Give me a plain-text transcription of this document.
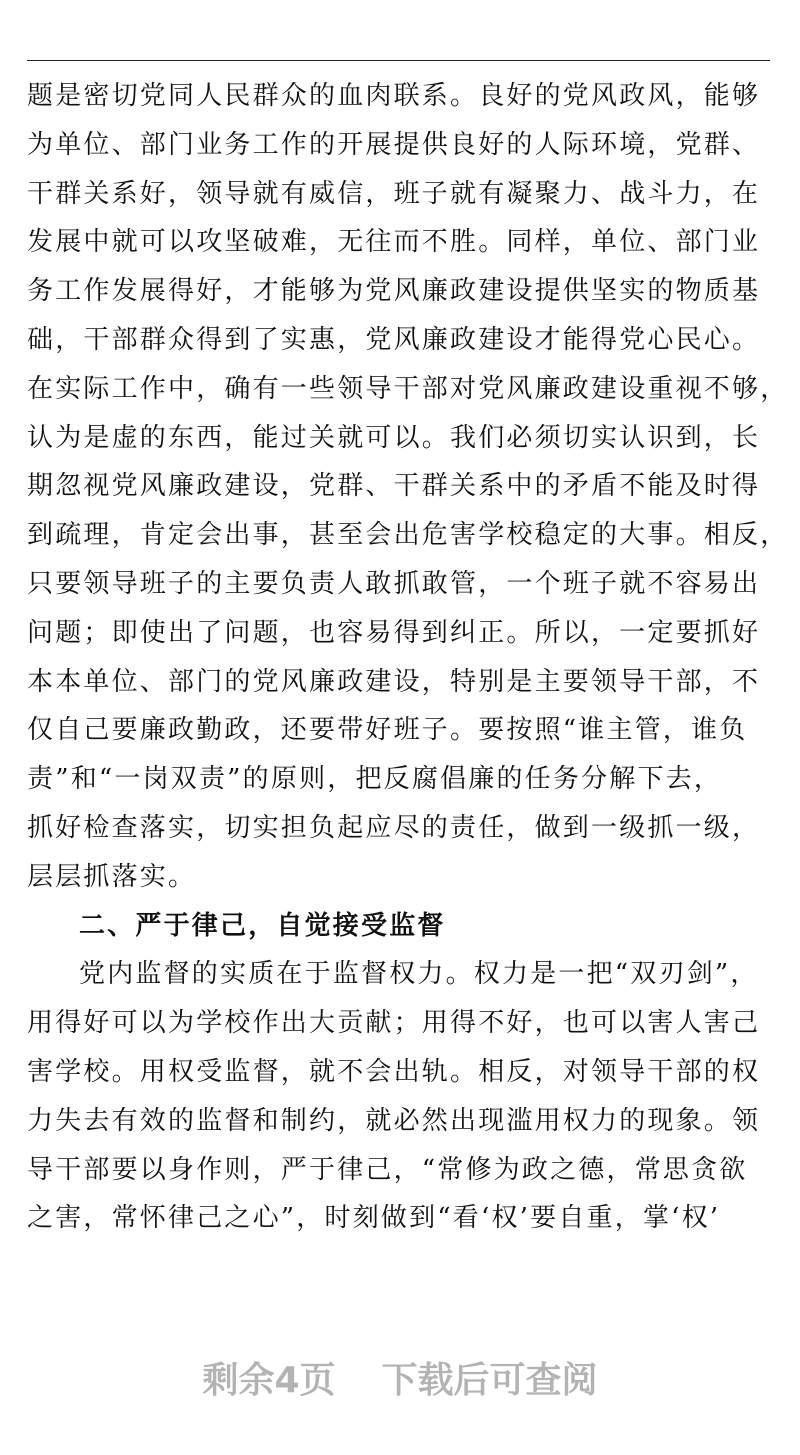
题是密切党同人民群众的血肉联系。良好的党风政风，能够
为单位、部门业务工作的开展提供良好的人际环境，党群、
干群关系好，领导就有威信，班子就有凝聚力、战斗力，在
发展中就可以攻坚破难，无往而不胜。同样，单位、部门业
务工作发展得好，才能够为党风廉政建设提供坚实的物质基
础，干部群众得到了实惠，党风廉政建设才能得党心民心。
在实际工作中，确有一些领导干部对党风廉政建设重视不够，
认为是虚的东西，能过关就可以。我们必须切实认识到，长
期忽视党风廉政建设，党群、干群关系中的矛盾不能及时得
到疏理，肯定会出事，甚至会出危害学校稳定的大事。相反，
只要领导班子的主要负责人敢抓敢管，一个班子就不容易出
问题；即使出了问题，也容易得到纠正。所以，一定要抓好
本本单位、部门的党风廉政建设，特别是主要领导干部，不
仅自己要廉政勤政，还要带好班子。要按照“谁主管，谁负
责”和“一岗双责”的原则，把反腐倡廉的任务分解下去，
抓好检查落实，切实担负起应尽的责任，做到一级抓一级，
层层抓落实。
二、严于律己，自觉接受监督
党内监督的实质在于监督权力。权力是一把“双刃剑”，
用得好可以为学校作出大贡献；用得不好，也可以害人害己
害学校。用权受监督，就不会出轨。相反，对领导干部的权
力失去有效的监督和制约，就必然出现滥用权力的现象。领
导干部要以身作则，严于律己，“常修为政之德，常思贪欲
之害，常怀律己之心”，时刻做到“看‘权’要自重，掌‘权’
剩余4页 下载后可查阅
